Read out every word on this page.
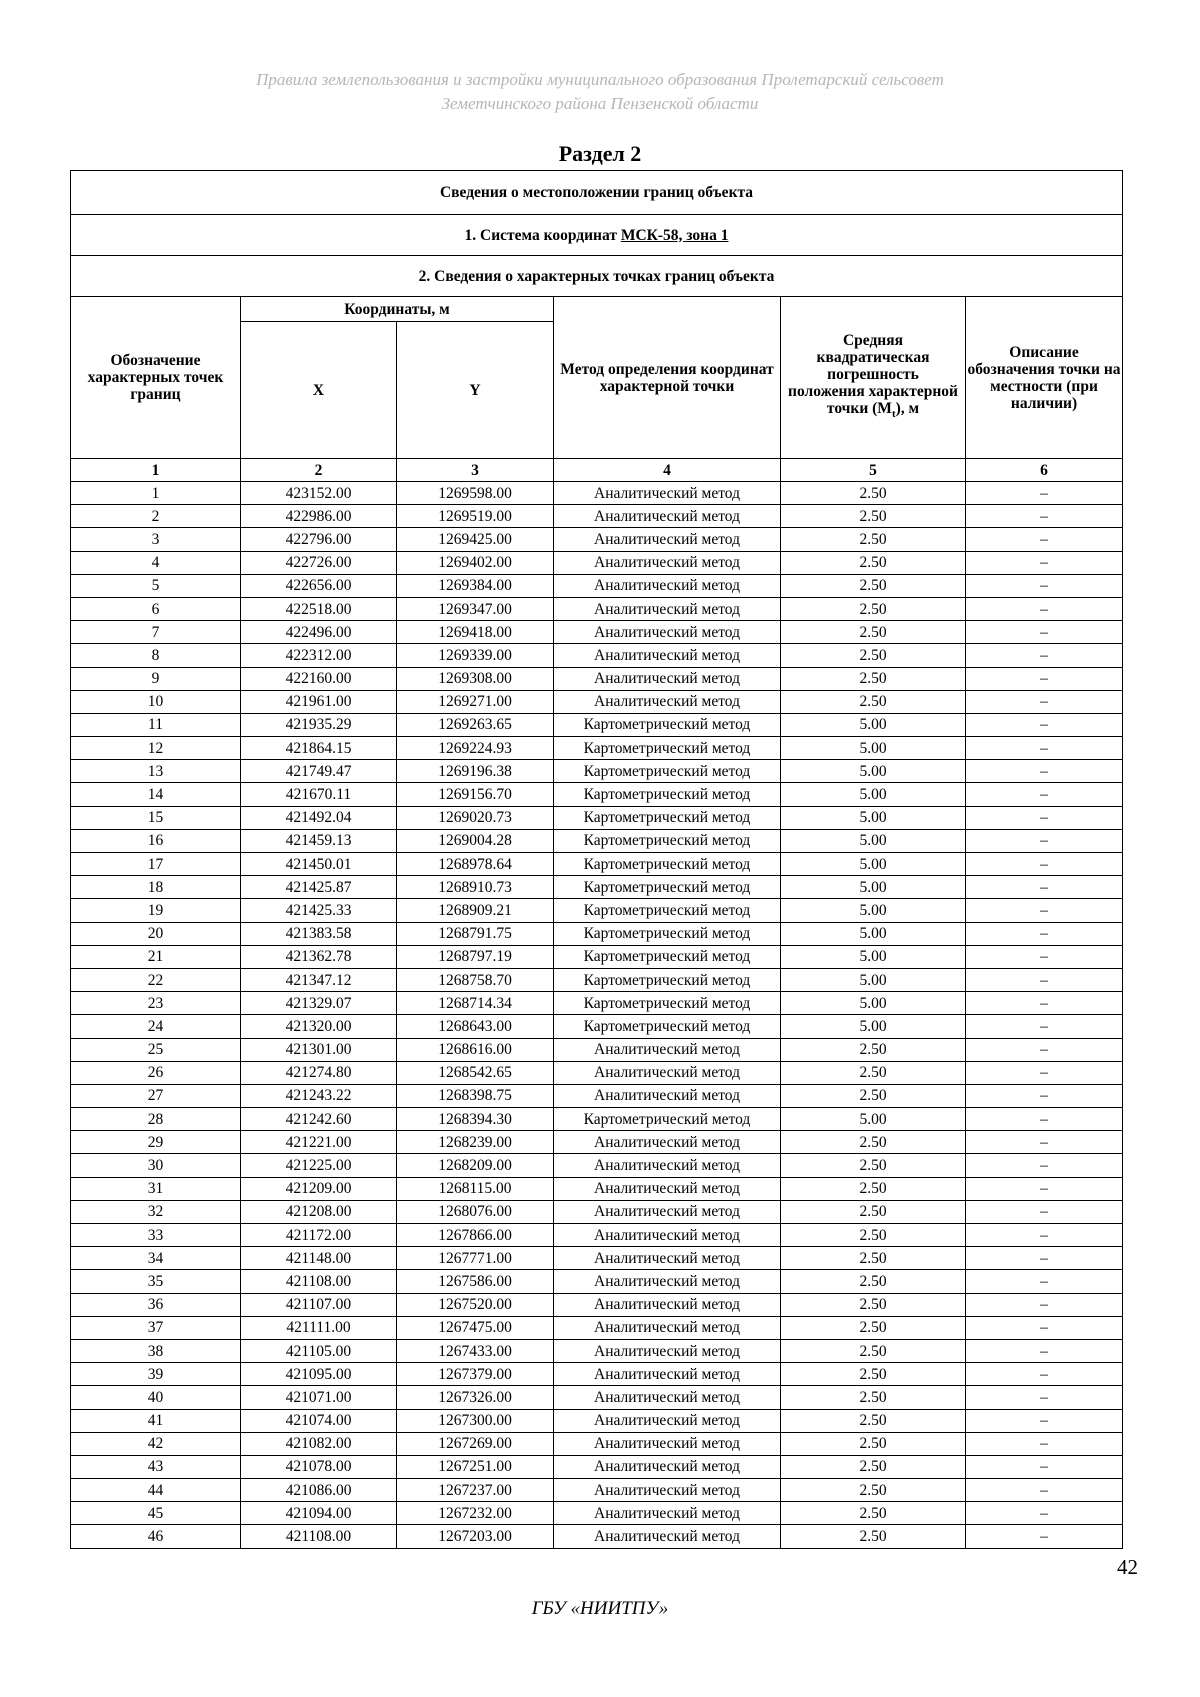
Правила землепользования и застройки муниципального образования Пролетарский сельсовет
Земетчинского района Пензенской области
Раздел 2
Сведения о местоположении границ объекта					
1. Система координат МСК-58, зона 1					
2. Сведения о характерных точках границ объекта					
Обозначение характерных точек границ	Координаты, м		Метод определения координат характерной точки	Средняя квадратическая погрешность положения характерной точки $(M_t)$, м	Описание обозначения точки на местности (при наличии)
	X	Y			
1	2	3	4	5	6
1	423152.00	1269598.00	Аналитический метод	2.50	–
2	422986.00	1269519.00	Аналитический метод	2.50	–
3	422796.00	1269425.00	Аналитический метод	2.50	–
4	422726.00	1269402.00	Аналитический метод	2.50	–
5	422656.00	1269384.00	Аналитический метод	2.50	–
6	422518.00	1269347.00	Аналитический метод	2.50	–
7	422496.00	1269418.00	Аналитический метод	2.50	–
8	422312.00	1269339.00	Аналитический метод	2.50	–
9	422160.00	1269308.00	Аналитический метод	2.50	–
10	421961.00	1269271.00	Аналитический метод	2.50	–
11	421935.29	1269263.65	Картометрический метод	5.00	–
12	421864.15	1269224.93	Картометрический метод	5.00	–
13	421749.47	1269196.38	Картометрический метод	5.00	–
14	421670.11	1269156.70	Картометрический метод	5.00	–
15	421492.04	1269020.73	Картометрический метод	5.00	–
16	421459.13	1269004.28	Картометрический метод	5.00	–
17	421450.01	1268978.64	Картометрический метод	5.00	–
18	421425.87	1268910.73	Картометрический метод	5.00	–
19	421425.33	1268909.21	Картометрический метод	5.00	–
20	421383.58	1268791.75	Картометрический метод	5.00	–
21	421362.78	1268797.19	Картометрический метод	5.00	–
22	421347.12	1268758.70	Картометрический метод	5.00	–
23	421329.07	1268714.34	Картометрический метод	5.00	–
24	421320.00	1268643.00	Картометрический метод	5.00	–
25	421301.00	1268616.00	Аналитический метод	2.50	–
26	421274.80	1268542.65	Аналитический метод	2.50	–
27	421243.22	1268398.75	Аналитический метод	2.50	–
28	421242.60	1268394.30	Картометрический метод	5.00	–
29	421221.00	1268239.00	Аналитический метод	2.50	–
30	421225.00	1268209.00	Аналитический метод	2.50	–
31	421209.00	1268115.00	Аналитический метод	2.50	–
32	421208.00	1268076.00	Аналитический метод	2.50	–
33	421172.00	1267866.00	Аналитический метод	2.50	–
34	421148.00	1267771.00	Аналитический метод	2.50	–
35	421108.00	1267586.00	Аналитический метод	2.50	–
36	421107.00	1267520.00	Аналитический метод	2.50	–
37	421111.00	1267475.00	Аналитический метод	2.50	–
38	421105.00	1267433.00	Аналитический метод	2.50	–
39	421095.00	1267379.00	Аналитический метод	2.50	–
40	421071.00	1267326.00	Аналитический метод	2.50	–
41	421074.00	1267300.00	Аналитический метод	2.50	–
42	421082.00	1267269.00	Аналитический метод	2.50	–
43	421078.00	1267251.00	Аналитический метод	2.50	–
44	421086.00	1267237.00	Аналитический метод	2.50	–
45	421094.00	1267232.00	Аналитический метод	2.50	–
46	421108.00	1267203.00	Аналитический метод	2.50	–
42
ГБУ «НИИТПУ»
